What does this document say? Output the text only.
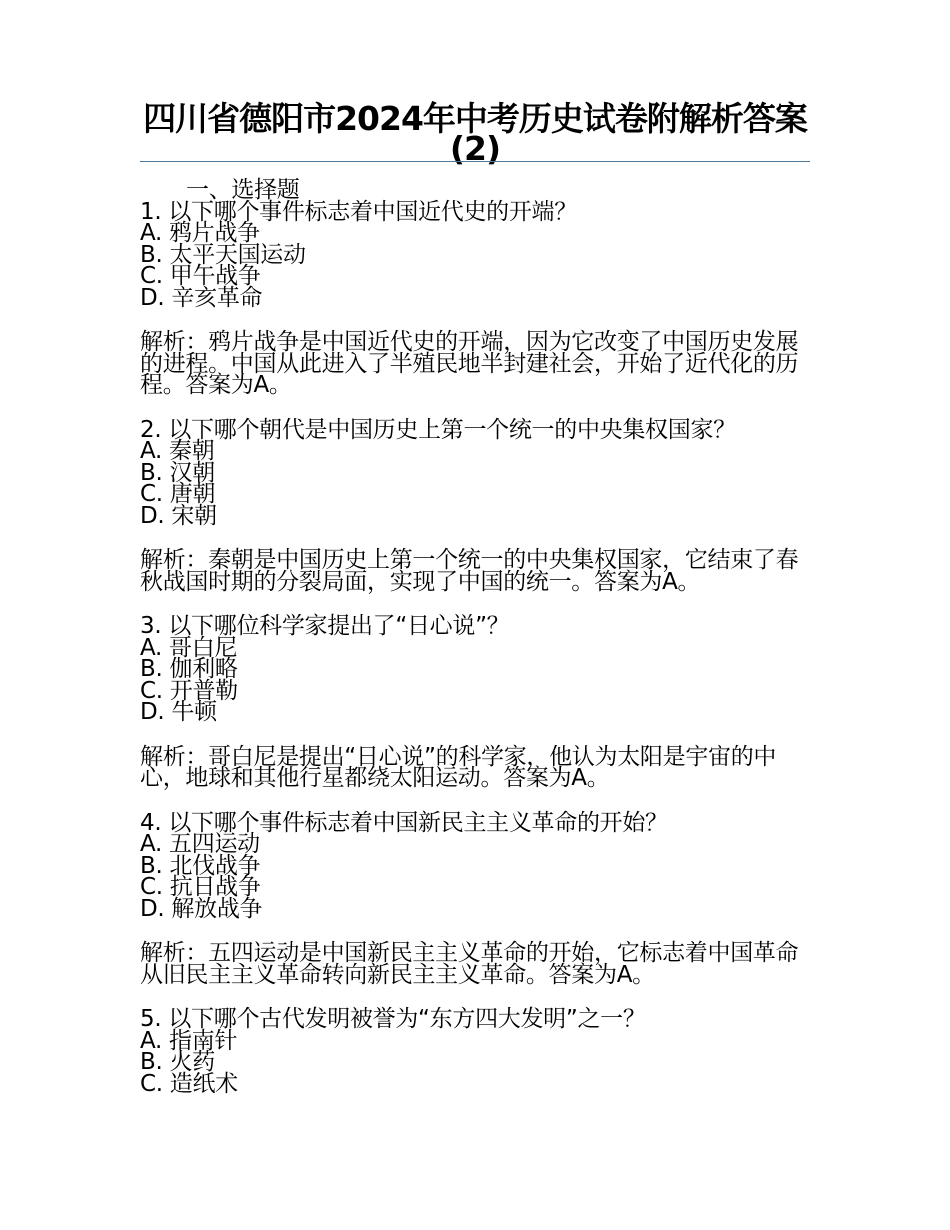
四川省德阳市2024年中考历史试卷附解析答案(2)
一、选择题
1. 以下哪个事件标志着中国近代史的开端？
A. 鸦片战争
B. 太平天国运动
C. 甲午战争
D. 辛亥革命
解析：鸦片战争是中国近代史的开端，因为它改变了中国历史发展的进程。中国从此进入了半殖民地半封建社会，开始了近代化的历程。答案为A。
2. 以下哪个朝代是中国历史上第一个统一的中央集权国家？
A. 秦朝
B. 汉朝
C. 唐朝
D. 宋朝
解析：秦朝是中国历史上第一个统一的中央集权国家，它结束了春秋战国时期的分裂局面，实现了中国的统一。答案为A。
3. 以下哪位科学家提出了“日心说”？
A. 哥白尼
B. 伽利略
C. 开普勒
D. 牛顿
解析：哥白尼是提出“日心说”的科学家，他认为太阳是宇宙的中心，地球和其他行星都绕太阳运动。答案为A。
4. 以下哪个事件标志着中国新民主主义革命的开始？
A. 五四运动
B. 北伐战争
C. 抗日战争
D. 解放战争
解析：五四运动是中国新民主主义革命的开始，它标志着中国革命从旧民主主义革命转向新民主主义革命。答案为A。
5. 以下哪个古代发明被誉为“东方四大发明”之一？
A. 指南针
B. 火药
C. 造纸术
